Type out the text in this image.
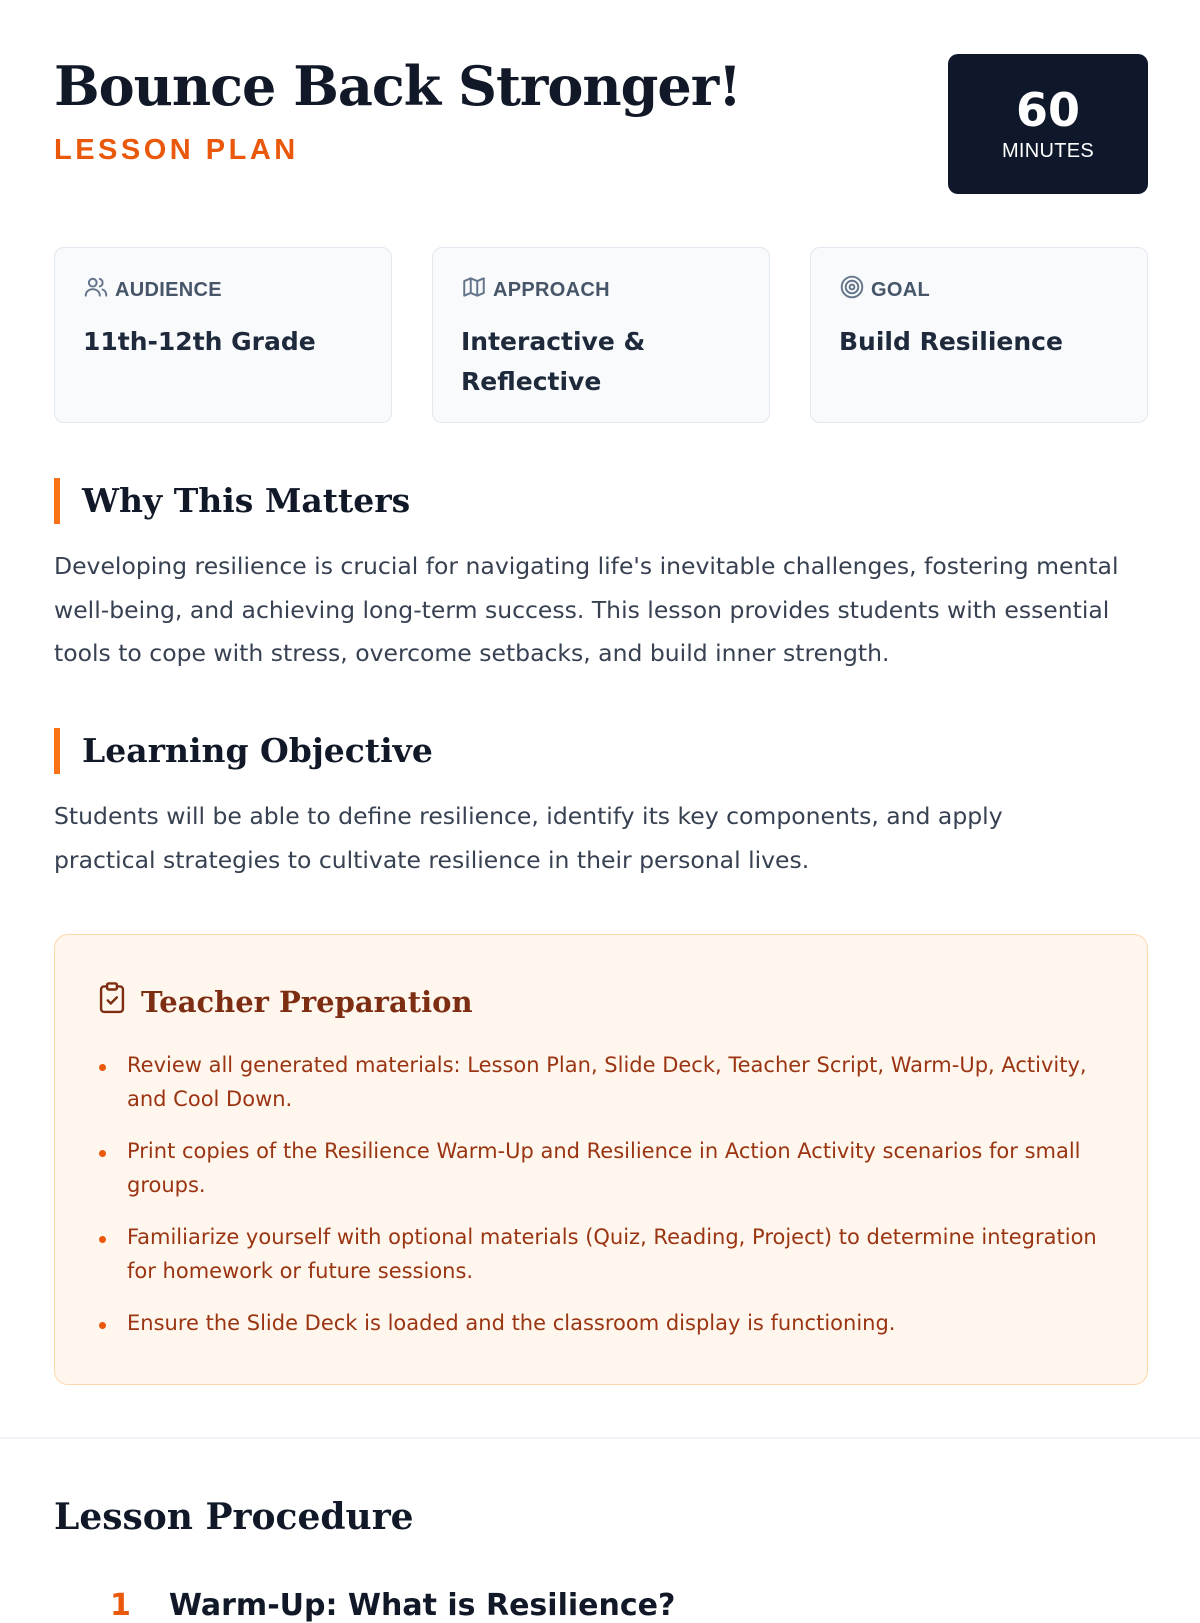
Bounce Back Stronger!
LESSON PLAN
60
MINUTES
AUDIENCE
11th-12th Grade
APPROACH
Interactive & Reflective
GOAL
Build Resilience
Why This Matters

Developing resilience is crucial for navigating life's inevitable challenges, fostering mental well-being, and achieving long-term success. This lesson provides students with essential tools to cope with stress, overcome setbacks, and build inner strength.

Learning Objective

Students will be able to define resilience, identify its key components, and apply practical strategies to cultivate resilience in their personal lives.

Teacher Preparation
Review all generated materials: Lesson Plan, Slide Deck, Teacher Script, Warm-Up, Activity, and Cool Down.
Print copies of the Resilience Warm-Up and Resilience in Action Activity scenarios for small groups.
Familiarize yourself with optional materials (Quiz, Reading, Project) to determine integration for homework or future sessions.
Ensure the Slide Deck is loaded and the classroom display is functioning.
Lesson Procedure
1 Warm-Up: What is Resilience?
